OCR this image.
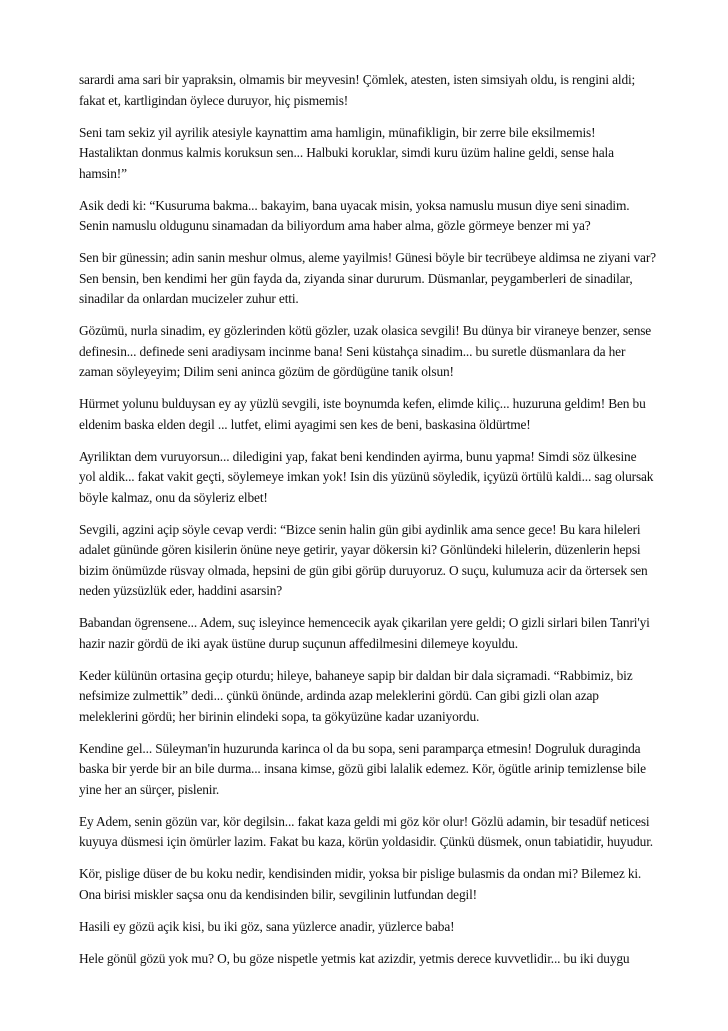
sarardi ama sari bir yapraksin, olmamis bir meyvesin! Çömlek, atesten, isten simsiyah oldu, is rengini aldi; fakat et, kartligindan öylece duruyor, hiç pismemis!

Seni tam sekiz yil ayrilik atesiyle kaynattim ama hamligin, münafikligin, bir zerre bile eksilmemis! Hastaliktan donmus kalmis koruksun sen... Halbuki koruklar, simdi kuru üzüm haline geldi, sense hala hamsin!”

Asik dedi ki: “Kusuruma bakma... bakayim, bana uyacak misin, yoksa namuslu musun diye seni sinadim. Senin namuslu oldugunu sinamadan da biliyordum ama haber alma, gözle görmeye benzer mi ya?

Sen bir günessin; adin sanin meshur olmus, aleme yayilmis! Günesi böyle bir tecrübeye aldimsa ne ziyani var? Sen bensin, ben kendimi her gün fayda da, ziyanda sinar dururum. Düsmanlar, peygamberleri de sinadilar, sinadilar da onlardan mucizeler zuhur etti.

Gözümü, nurla sinadim, ey gözlerinden kötü gözler, uzak olasica sevgili! Bu dünya bir viraneye benzer, sense definesin... definede seni aradiysam incinme bana! Seni küstahça sinadim... bu suretle düsmanlara da her zaman söyleyeyim; Dilim seni aninca gözüm de gördügüne tanik olsun!

Hürmet yolunu bulduysan ey ay yüzlü sevgili, iste boynumda kefen, elimde kiliç... huzuruna geldim! Ben bu eldenim baska elden degil ... lutfet, elimi ayagimi sen kes de beni, baskasina öldürtme!

Ayriliktan dem vuruyorsun... diledigini yap, fakat beni kendinden ayirma, bunu yapma! Simdi söz ülkesine yol aldik... fakat vakit geçti, söylemeye imkan yok! Isin dis yüzünü söyledik, içyüzü örtülü kaldi... sag olursak böyle kalmaz, onu da söyleriz elbet!

Sevgili, agzini açip söyle cevap verdi: “Bizce senin halin gün gibi aydinlik ama sence gece! Bu kara hileleri adalet gününde gören kisilerin önüne neye getirir, yayar dökersin ki? Gönlündeki hilelerin, düzenlerin hepsi bizim önümüzde rüsvay olmada, hepsini de gün gibi görüp duruyoruz. O suçu, kulumuza acir da örtersek sen neden yüzsüzlük eder, haddini asarsin?

Babandan ögrensene... Adem, suç isleyince hemencecik ayak çikarilan yere geldi; O gizli sirlari bilen Tanri'yi hazir nazir gördü de iki ayak üstüne durup suçunun affedilmesini dilemeye koyuldu.

Keder külünün ortasina geçip oturdu; hileye, bahaneye sapip bir daldan bir dala siçramadi. “Rabbimiz, biz nefsimize zulmettik” dedi... çünkü önünde, ardinda azap meleklerini gördü. Can gibi gizli olan azap meleklerini gördü; her birinin elindeki sopa, ta gökyüzüne kadar uzaniyordu.

Kendine gel... Süleyman'in huzurunda karinca ol da bu sopa, seni paramparça etmesin! Dogruluk duraginda baska bir yerde bir an bile durma... insana kimse, gözü gibi lalalik edemez. Kör, ögütle arinip temizlense bile yine her an sürçer, pislenir.

Ey Adem, senin gözün var, kör degilsin... fakat kaza geldi mi göz kör olur! Gözlü adamin, bir tesadüf neticesi kuyuya düsmesi için ömürler lazim. Fakat bu kaza, körün yoldasidir. Çünkü düsmek, onun tabiatidir, huyudur.

Kör, pislige düser de bu koku nedir, kendisinden midir, yoksa bir pislige bulasmis da ondan mi? Bilemez ki. Ona birisi miskler saçsa onu da kendisinden bilir, sevgilinin lutfundan degil!

Hasili ey gözü açik kisi, bu iki göz, sana yüzlerce anadir, yüzlerce baba!

Hele gönül gözü yok mu? O, bu göze nispetle yetmis kat azizdir, yetmis derece kuvvetlidir... bu iki duygu
